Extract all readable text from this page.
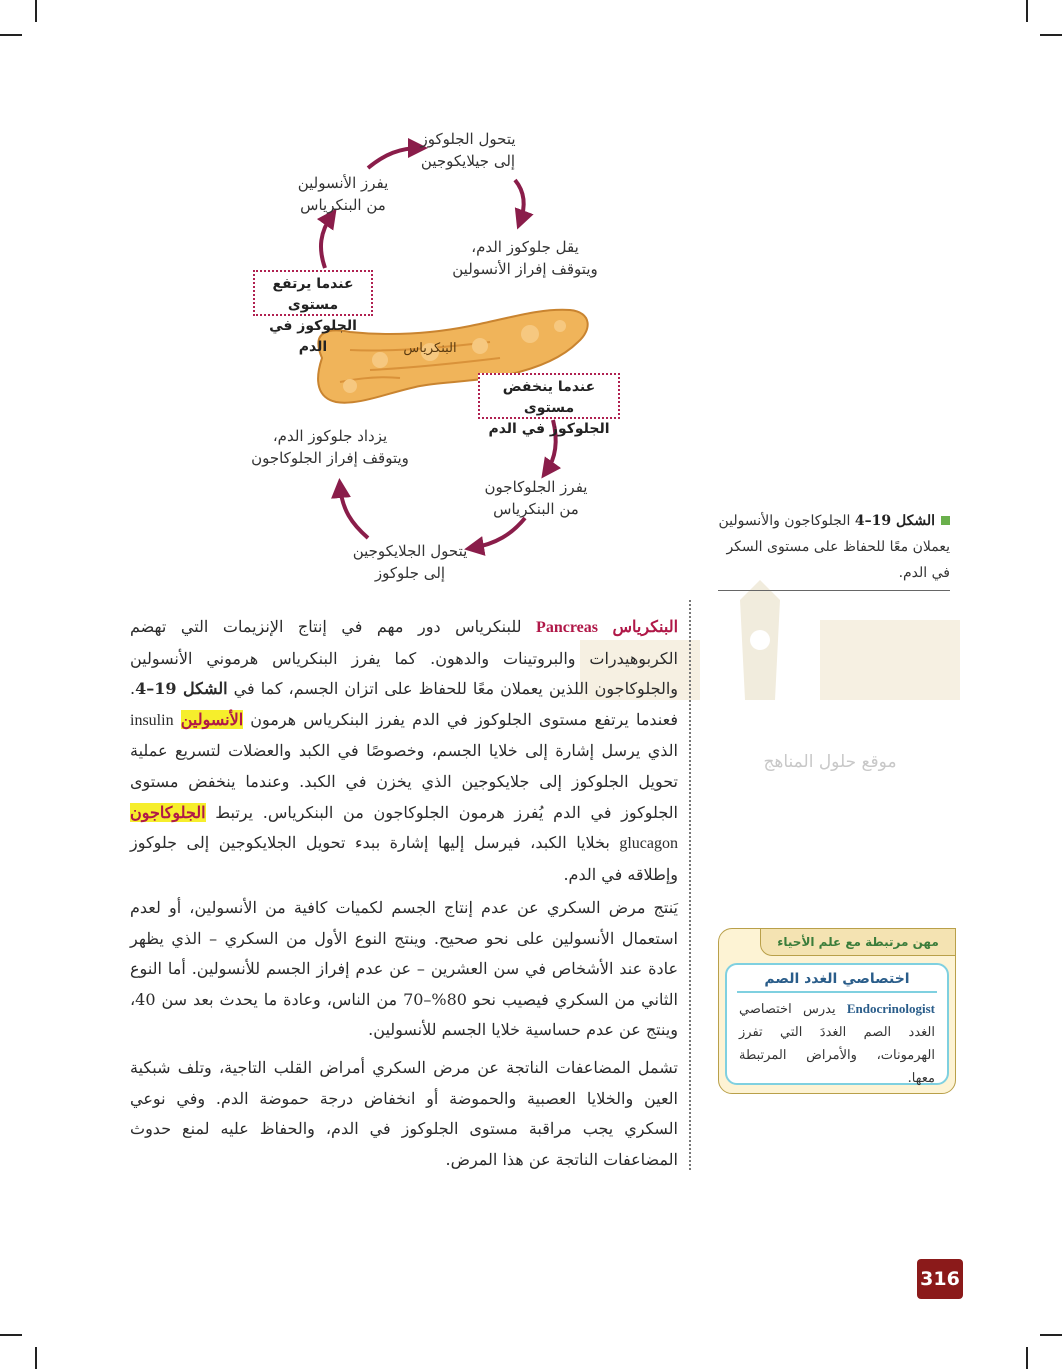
موقع حلول المناهج
يتحول الجلوكوز
إلى جيلايكوجين
يفرز الأنسولين
من البنكرياس
يقل جلوكوز الدم،
ويتوقف إفراز الأنسولين
عندما يرتفع مستوى
الجلوكوز في الدم	البنكرياس
عندما ينخفض مستوى
الجلوكوز في الدم
يزداد جلوكوز الدم،
ويتوقف إفراز الجلوكاجون
يفرز الجلوكاجون
من البنكرياس
يتحول الجلايكوجين
إلى جلوكوز
الشكل 19–4 الجلوكاجون والأنسولين
يعملان معًا للحفاظ على مستوى السكر
في الدم.

البنكرياس Pancreas للبنكرياس دور مهم في إنتاج الإنزيمات التي تهضم الكربوهيدرات والبروتينات والدهون. كما يفرز البنكرياس هرموني الأنسولين والجلوكاجون اللذين يعملان معًا للحفاظ على اتزان الجسم، كما في الشكل 19–4. فعندما يرتفع مستوى الجلوكوز في الدم يفرز البنكرياس هرمون الأنسولين insulin الذي يرسل إشارة إلى خلايا الجسم، وخصوصًا في الكبد والعضلات لتسريع عملية تحويل الجلوكوز إلى جلايكوجين الذي يخزن في الكبد. وعندما ينخفض مستوى الجلوكوز في الدم يُفرز هرمون الجلوكاجون من البنكرياس. يرتبط الجلوكاجون glucagon بخلايا الكبد، فيرسل إليها إشارة ببدء تحويل الجلايكوجين إلى جلوكوز وإطلاقه في الدم.

يَنتج مرض السكري عن عدم إنتاج الجسم لكميات كافية من الأنسولين، أو لعدم استعمال الأنسولين على نحو صحيح. وينتج النوع الأول من السكري – الذي يظهر عادة عند الأشخاص في سن العشرين – عن عدم إفراز الجسم للأنسولين. أما النوع الثاني من السكري فيصيب نحو 80%–70 من الناس، وعادة ما يحدث بعد سن 40، وينتج عن عدم حساسية خلايا الجسم للأنسولين.

تشمل المضاعفات الناتجة عن مرض السكري أمراض القلب التاجية، وتلف شبكية العين والخلايا العصبية والحموضة أو انخفاض درجة حموضة الدم. وفي نوعي السكري يجب مراقبة مستوى الجلوكوز في الدم، والحفاظ عليه لمنع حدوث المضاعفات الناتجة عن هذا المرض.

مهن مرتبطة مع علم الأحياء
اختصاصي الغدد الصم
Endocrinologist يدرس اختصاصي الغدد الصم الغددَ التي تفرز الهرمونات، والأمراض المرتبطة معها.
316
